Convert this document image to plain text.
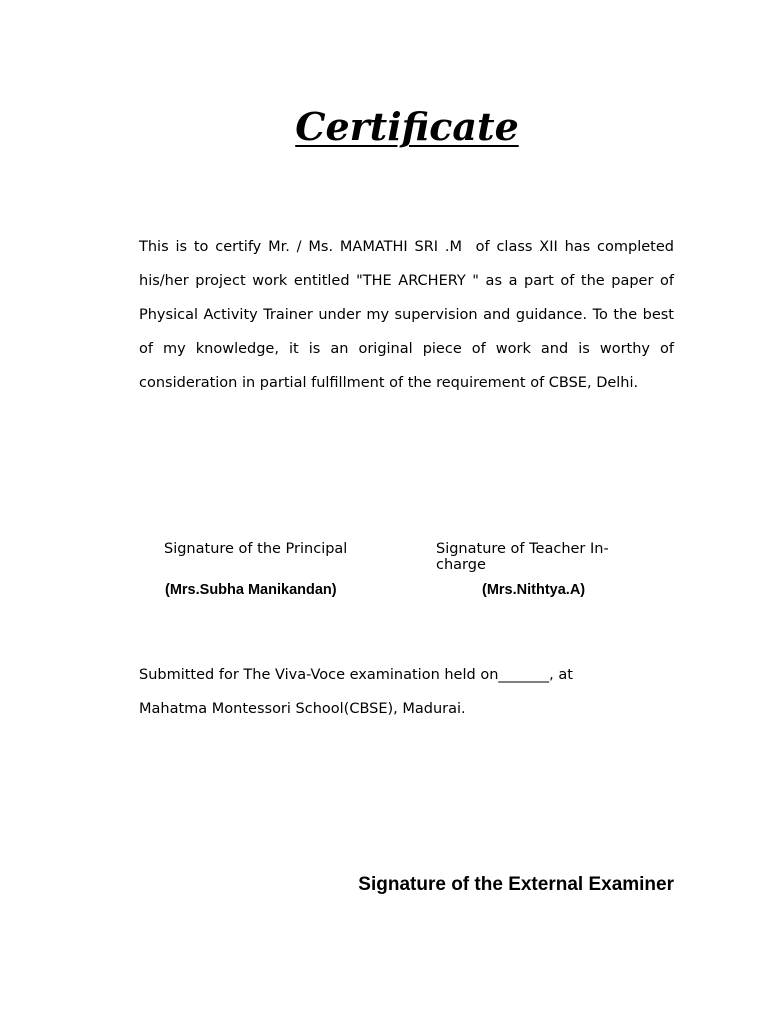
Certificate

This is to certify Mr. / Ms. MAMATHI SRI .M  of class XII has completed his/her project work entitled "THE ARCHERY " as a part of the paper of Physical Activity Trainer under my supervision and guidance. To the best of my knowledge, it is an original piece of work and is worthy of consideration in partial fulfillment of the requirement of CBSE, Delhi.

Signature of the Principal	Signature of Teacher In-charge

(Mrs.Subha Manikandan)	(Mrs.Nithtya.A)

Submitted for The Viva-Voce examination held on_______, at
Mahatma Montessori School(CBSE), Madurai.

Signature of the External Examiner
